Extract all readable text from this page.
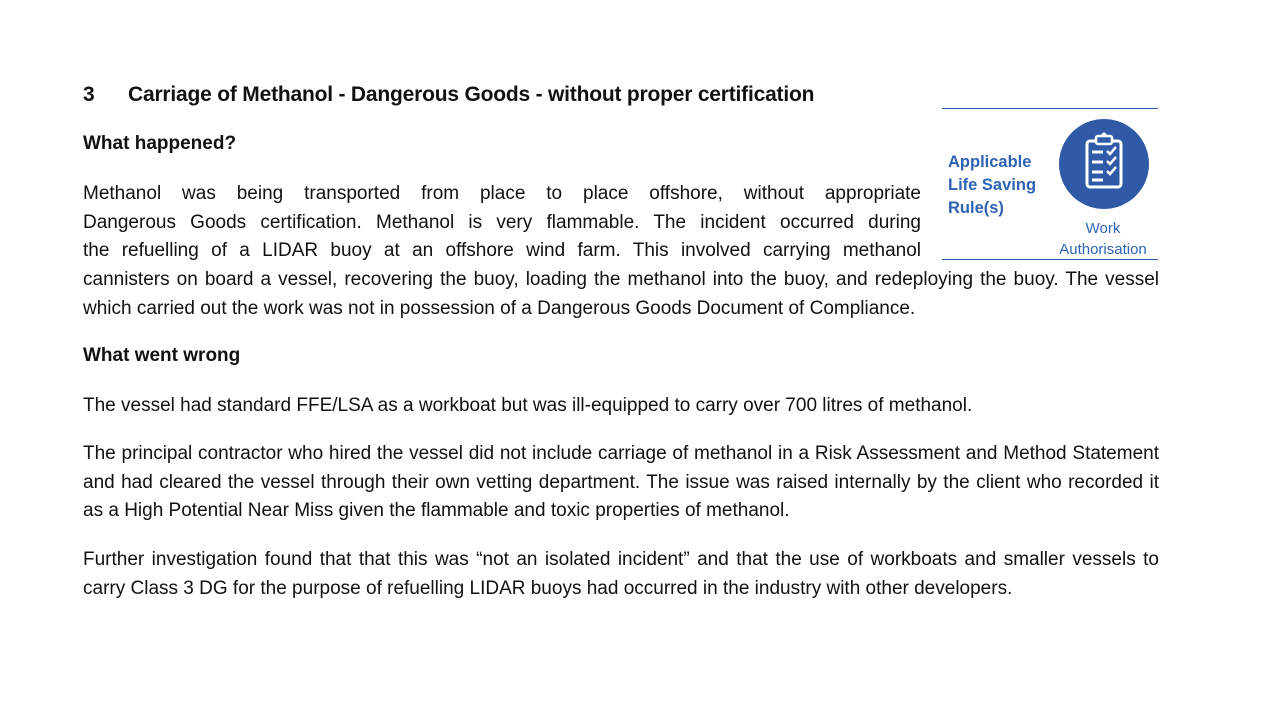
3 Carriage of Methanol - Dangerous Goods - without proper certification
What happened?
Methanol was being transported from place to place offshore, without appropriate
Dangerous Goods certification. Methanol is very flammable. The incident occurred during
the refuelling of a LIDAR buoy at an offshore wind farm. This involved carrying methanol
cannisters on board a vessel, recovering the buoy, loading the methanol into the buoy, and redeploying the buoy. The vessel which carried out the work was not in possession of a Dangerous Goods Document of Compliance.
Applicable
Life Saving
Rule(s)
Work
Authorisation
What went wrong
The vessel had standard FFE/LSA as a workboat but was ill-equipped to carry over 700 litres of methanol.
The principal contractor who hired the vessel did not include carriage of methanol in a Risk Assessment and Method Statement and had cleared the vessel through their own vetting department. The issue was raised internally by the client who recorded it as a High Potential Near Miss given the flammable and toxic properties of methanol.
Further investigation found that that this was “not an isolated incident” and that the use of workboats and smaller vessels to carry Class 3 DG for the purpose of refuelling LIDAR buoys had occurred in the industry with other developers.
